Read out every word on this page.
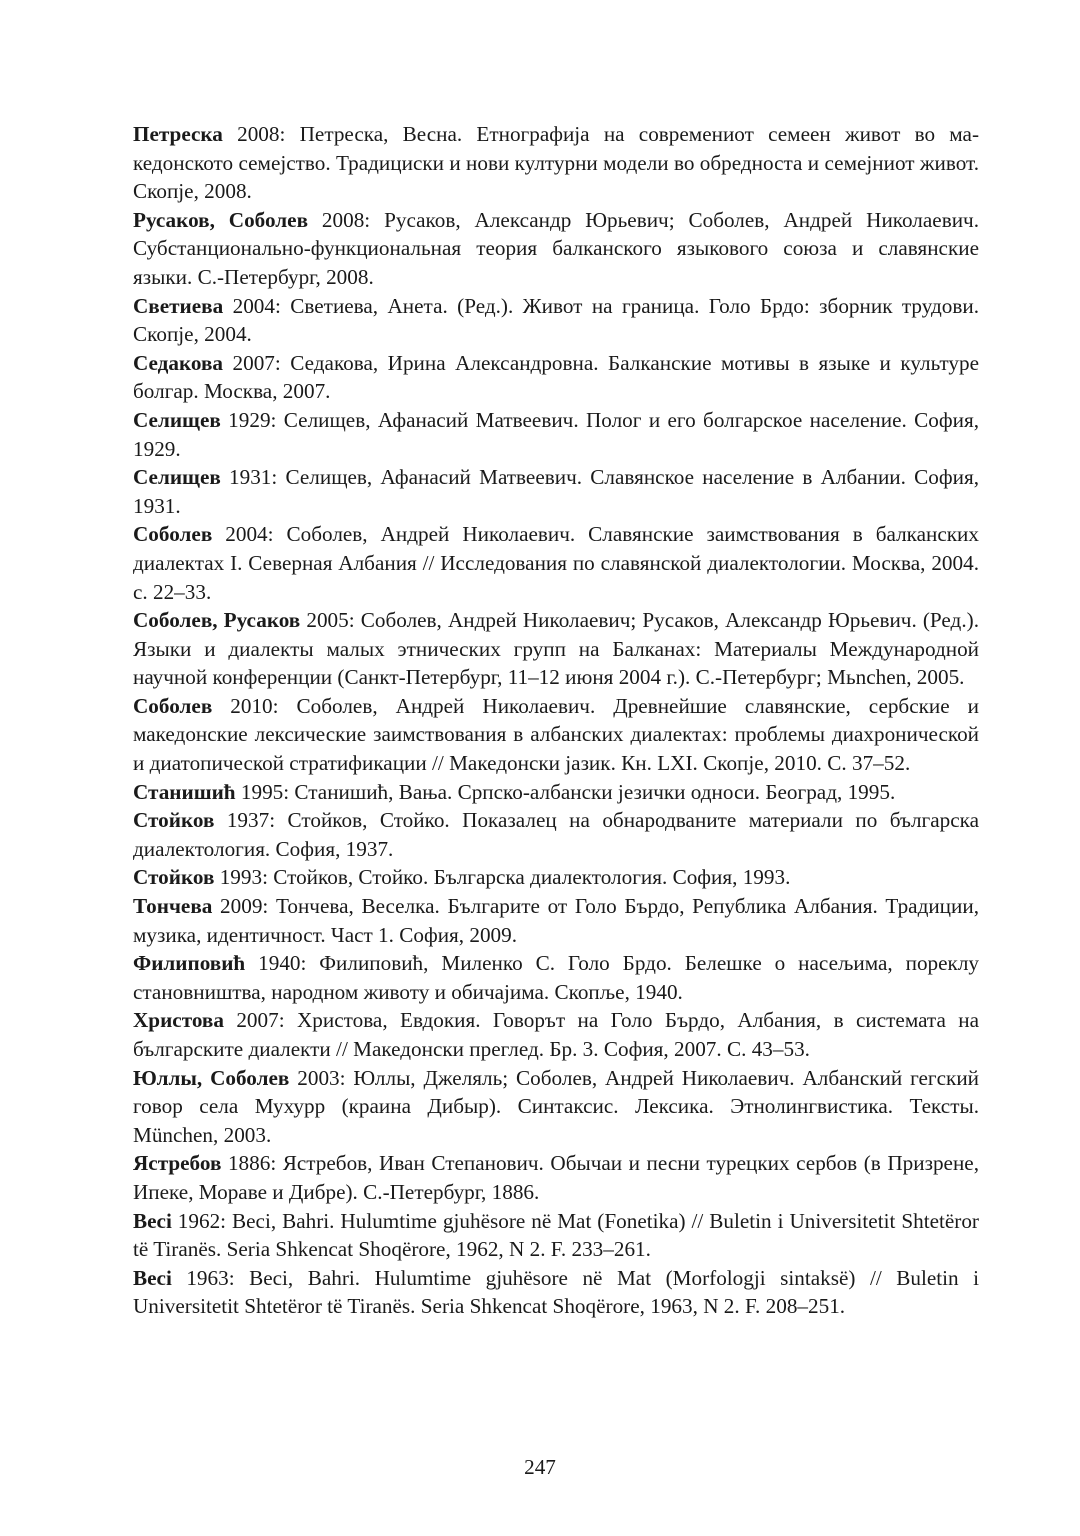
Петреска 2008: Петреска, Весна. Етнографија на современиот семеен живот во македонското семејство. Традициски и нови културни модели во обредноста и семејниот живот. Скопје, 2008.

Русаков, Соболев 2008: Русаков, Александр Юрьевич; Соболев, Андрей Николаевич. Субстанционально-функциональная теория балканского языкового союза и славянские языки. С.-Петербург, 2008.

Светиева 2004: Светиева, Анета. (Ред.). Живот на граница. Голо Брдо: зборник трудови. Скопје, 2004.

Седакова 2007: Седакова, Ирина Александровна. Балканские мотивы в языке и культуре болгар. Москва, 2007.

Селищев 1929: Селищев, Афанасий Матвеевич. Полог и его болгарское население. София, 1929.

Селищев 1931: Селищев, Афанасий Матвеевич. Славянское население в Албании. София, 1931.

Соболев 2004: Соболев, Андрей Николаевич. Славянские заимствования в балканских диалектах I. Северная Албания // Исследования по славянской диалектологии. Москва, 2004. с. 22–33.

Соболев, Русаков 2005: Соболев, Андрей Николаевич; Русаков, Александр Юрьевич. (Ред.). Языки и диалекты малых этнических групп на Балканах: Материалы Международной научной конференции (Санкт-Петербург, 11–12 июня 2004 г.). С.-Петербург; Mьnchen, 2005.

Соболев 2010: Соболев, Андрей Николаевич. Древнейшие славянские, сербские и македонские лексические заимствования в албанских диалектах: проблемы диахронической и диатопической стратификации // Македонски јазик. Кн. LXI. Скопје, 2010. С. 37–52.

Станишић 1995: Станишић, Вања. Српско-албански језички односи. Београд, 1995.

Стойков 1937: Стойков, Стойко. Показалец на обнародваните материали по българска диалектология. София, 1937.

Стойков 1993: Стойков, Стойко. Българска диалектология. София, 1993.

Тончева 2009: Тончева, Веселка. Българите от Голо Бърдо, Република Албания. Традиции, музика, идентичност. Част 1. София, 2009.

Филиповић 1940: Филиповић, Миленко С. Голо Брдо. Белешке о насељима, пореклу становништва, народном животу и обичајима. Скопље, 1940.

Христова 2007: Христова, Евдокия. Говорът на Голо Бърдо, Албания, в системата на българските диалекти // Македонски преглед. Бр. 3. София, 2007. С. 43–53.

Юллы, Соболев 2003: Юллы, Джеляль; Соболев, Андрей Николаевич. Албанский гегский говор села Мухурр (краина Дибыр). Синтаксис. Лексика. Этнолингвистика. Тексты. München, 2003.

Ястребов 1886: Ястребов, Иван Степанович. Обычаи и песни турецких сербов (в Призрене, Ипеке, Мораве и Дибре). С.-Петербург, 1886.

Beci 1962: Beci, Bahri. Hulumtime gjuhësore në Mat (Fonetika) // Buletin i Universitetit Shtetëror të Tiranës. Seria Shkencat Shoqërore, 1962, N 2. F. 233–261.

Beci 1963: Beci, Bahri. Hulumtime gjuhësore në Mat (Morfologji sintaksë) // Buletin i Universitetit Shtetëror të Tiranës. Seria Shkencat Shoqërore, 1963, N 2. F. 208–251.

247
